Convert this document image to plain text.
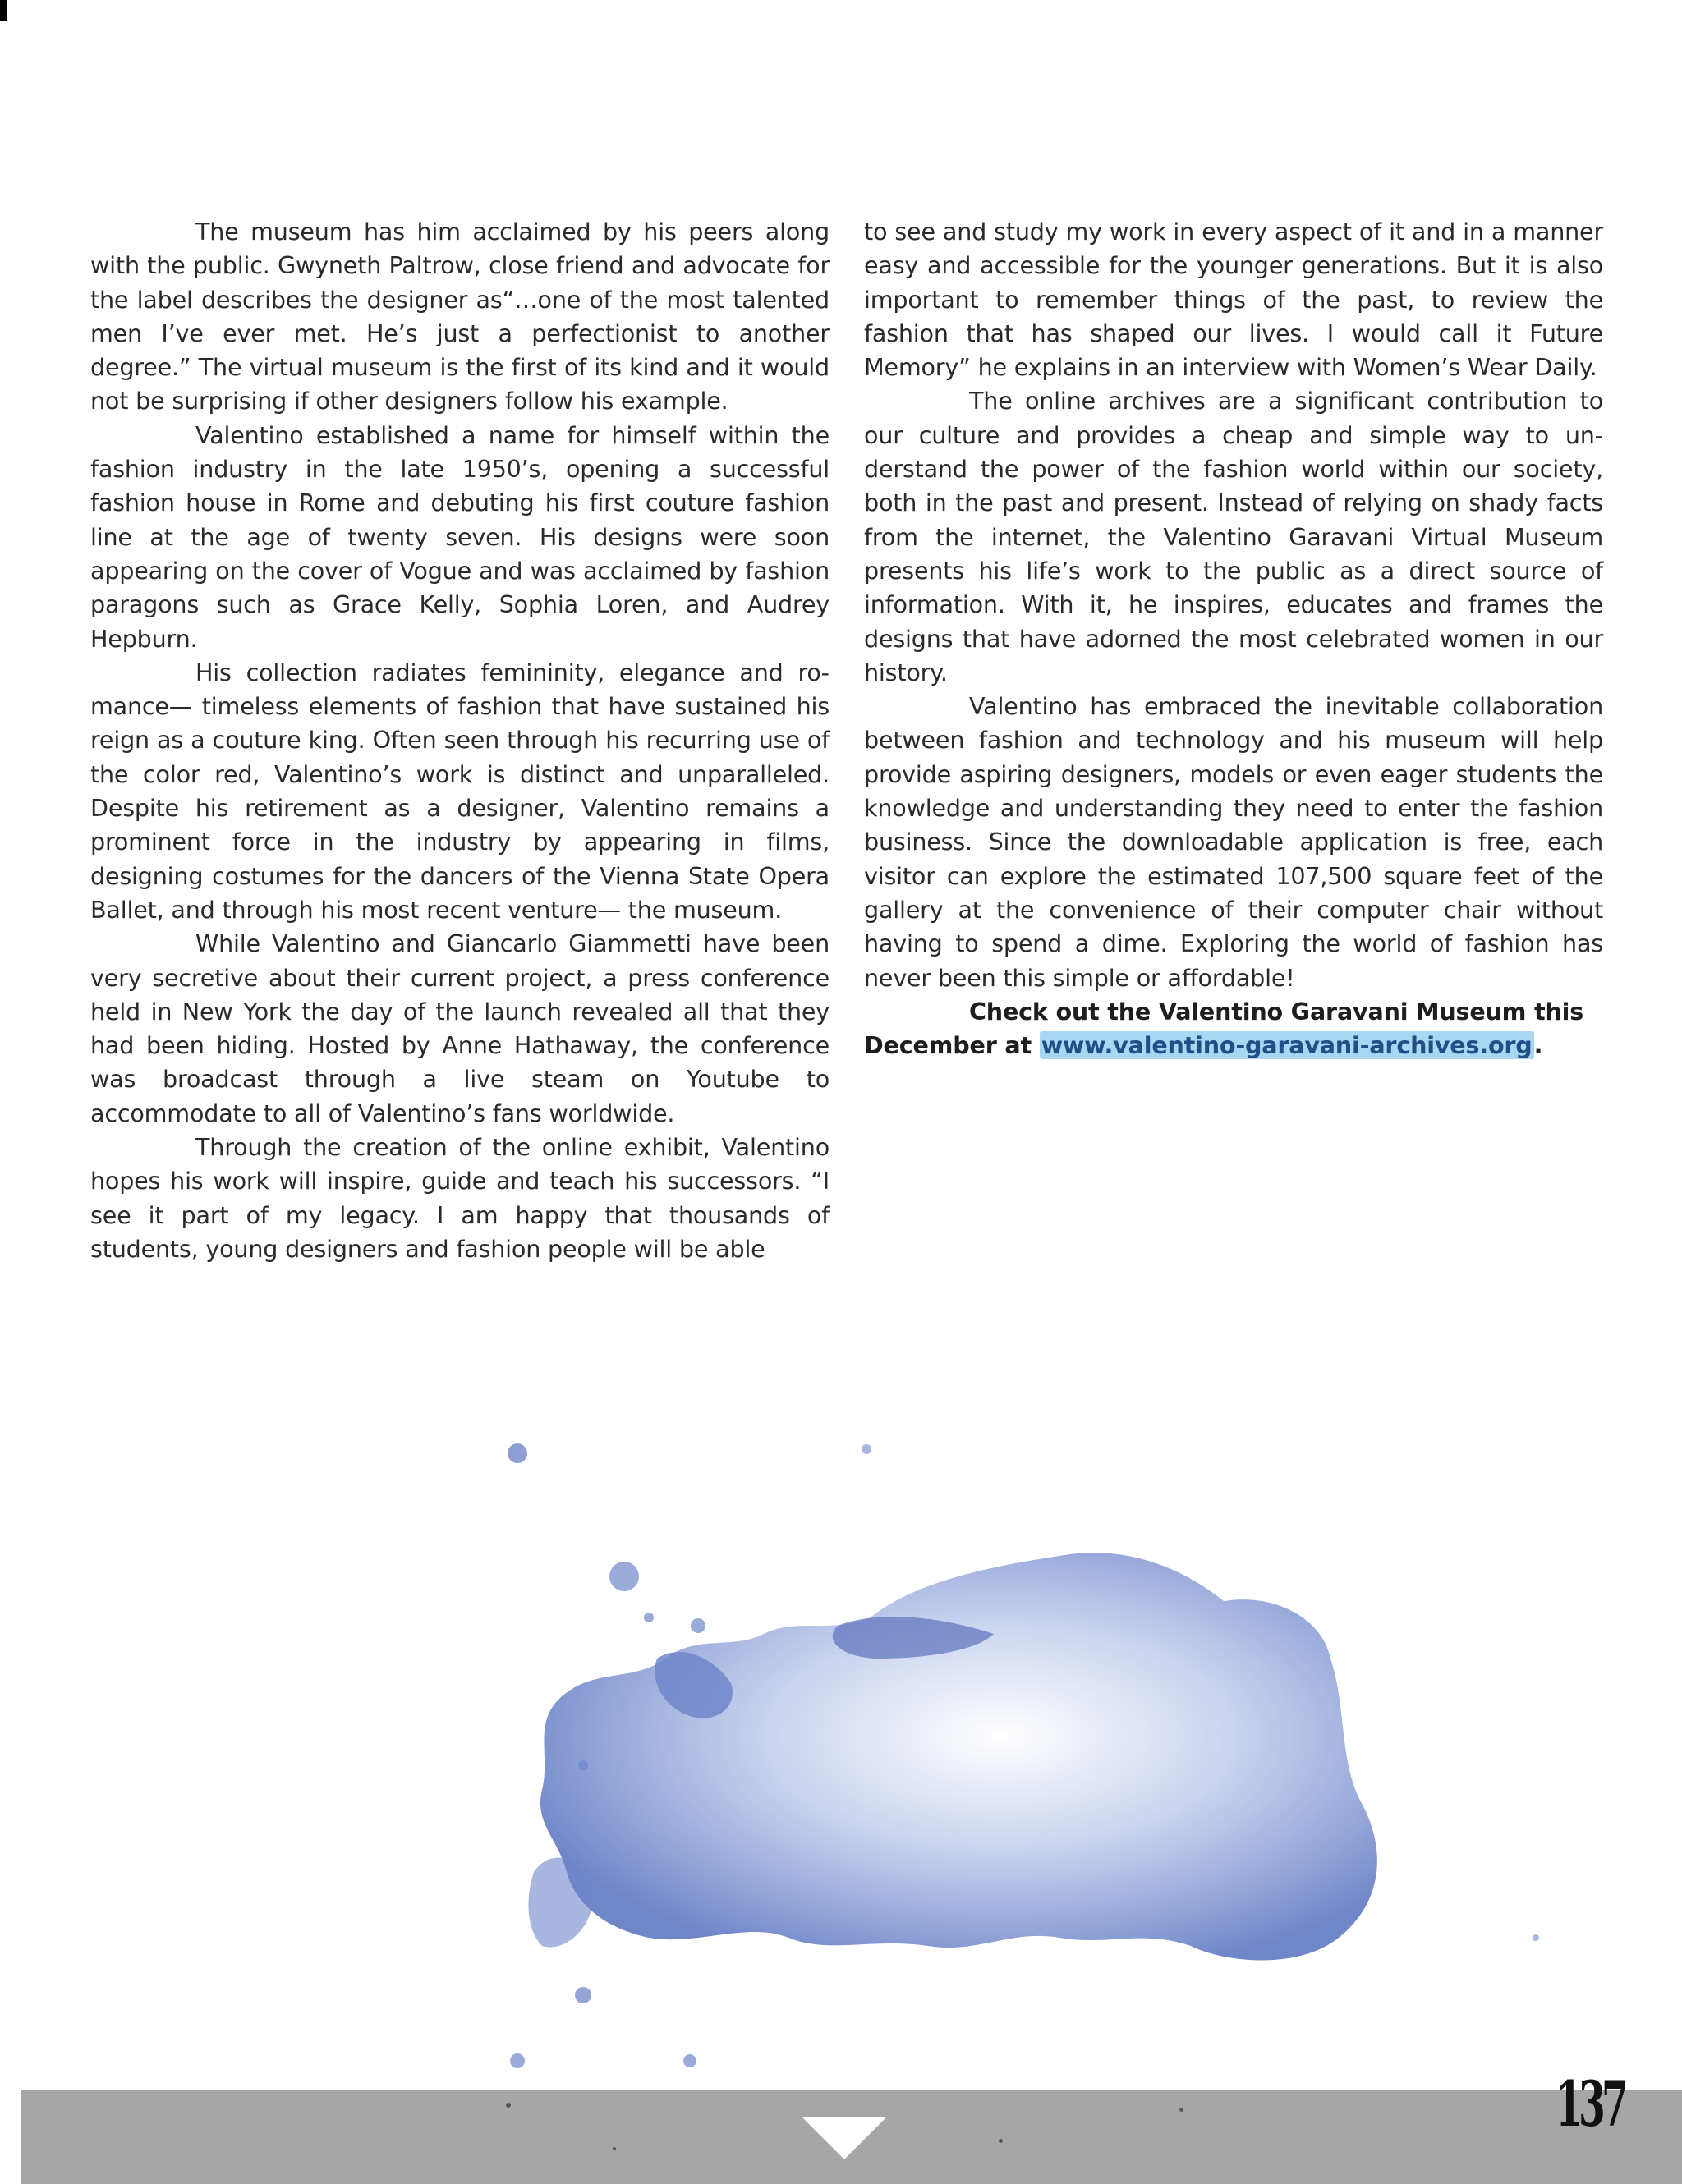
The museum has him acclaimed by his peers along with the public. Gwyneth Paltrow, close friend and advocate for the label describes the designer as“…one of the most talented men I’ve ever met. He’s just a perfectionist to another degree.” The virtual museum is the first of its kind and it would not be surprising if other designers follow his example.

Valentino established a name for himself within the fashion industry in the late 1950’s, opening a successful fashion house in Rome and debuting his first couture fashion line at the age of twenty seven. His designs were soon appearing on the cover of Vogue and was acclaimed by fashion paragons such as Grace Kelly, Sophia Loren, and Audrey Hepburn.

His collection radiates femininity, elegance and romance— timeless elements of fashion that have sustained his reign as a couture king. Often seen through his recurring use of the color red, Valentino’s work is distinct and unparalleled. Despite his retirement as a designer, Valentino remains a prominent force in the industry by appearing in films, designing costumes for the dancers of the Vienna State Opera Ballet, and through his most recent venture— the museum.

While Valentino and Giancarlo Giammetti have been very secretive about their current project, a press conference held in New York the day of the launch revealed all that they had been hiding. Hosted by Anne Hathaway, the conference was broadcast through a live steam on Youtube to accommodate to all of Valentino’s fans worldwide.

Through the creation of the online exhibit, Valentino hopes his work will inspire, guide and teach his successors. “I see it part of my legacy. I am happy that thousands of students, young designers and fashion people will be able

to see and study my work in every aspect of it and in a manner easy and accessible for the younger generations. But it is also important to remember things of the past, to review the fashion that has shaped our lives. I would call it Future Memory” he explains in an interview with Women’s Wear Daily.

The online archives are a significant contribution to our culture and provides a cheap and simple way to understand the power of the fashion world within our society, both in the past and present. Instead of relying on shady facts from the internet, the Valentino Garavani Virtual Museum presents his life’s work to the public as a direct source of information. With it, he inspires, educates and frames the designs that have adorned the most celebrated women in our history.

Valentino has embraced the inevitable collaboration between fashion and technology and his museum will help provide aspiring designers, models or even eager students the knowledge and understanding they need to enter the fashion business. Since the downloadable application is free, each visitor can explore the estimated 107,500 square feet of the gallery at the convenience of their computer chair without having to spend a dime. Exploring the world of fashion has never been this simple or affordable!

Check out the Valentino Garavani Museum this December at www.valentino-garavani-archives.org.

137
